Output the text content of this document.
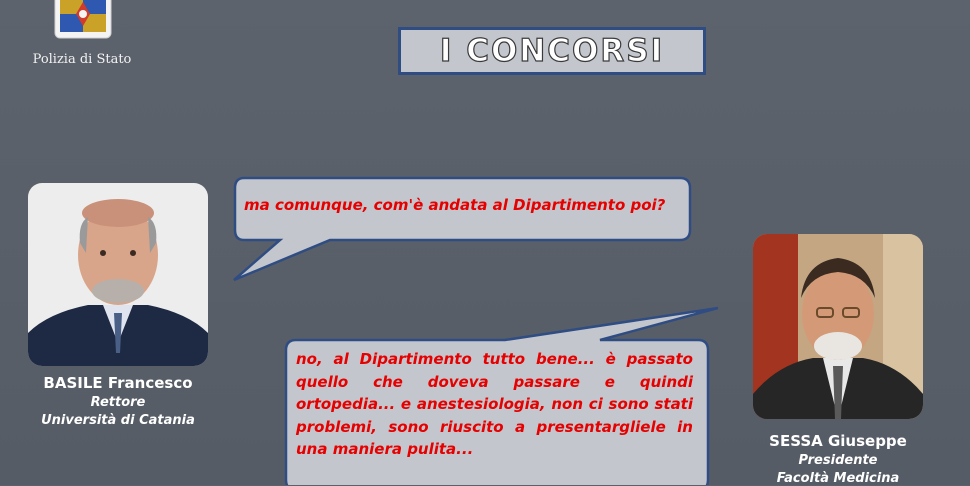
Polizia di Stato	I CONCORSI
BASILE Francesco
Rettore
Università di Catania
SESSA Giuseppe
Presidente
Facoltà Medicina
ma comunque, com'è andata al Dipartimento poi?
no, al Dipartimento tutto bene... è passato quello che doveva passare e quindi ortopedia... e anestesiologia, non ci sono stati problemi, sono riuscito a presentargliele in una maniera pulita...
